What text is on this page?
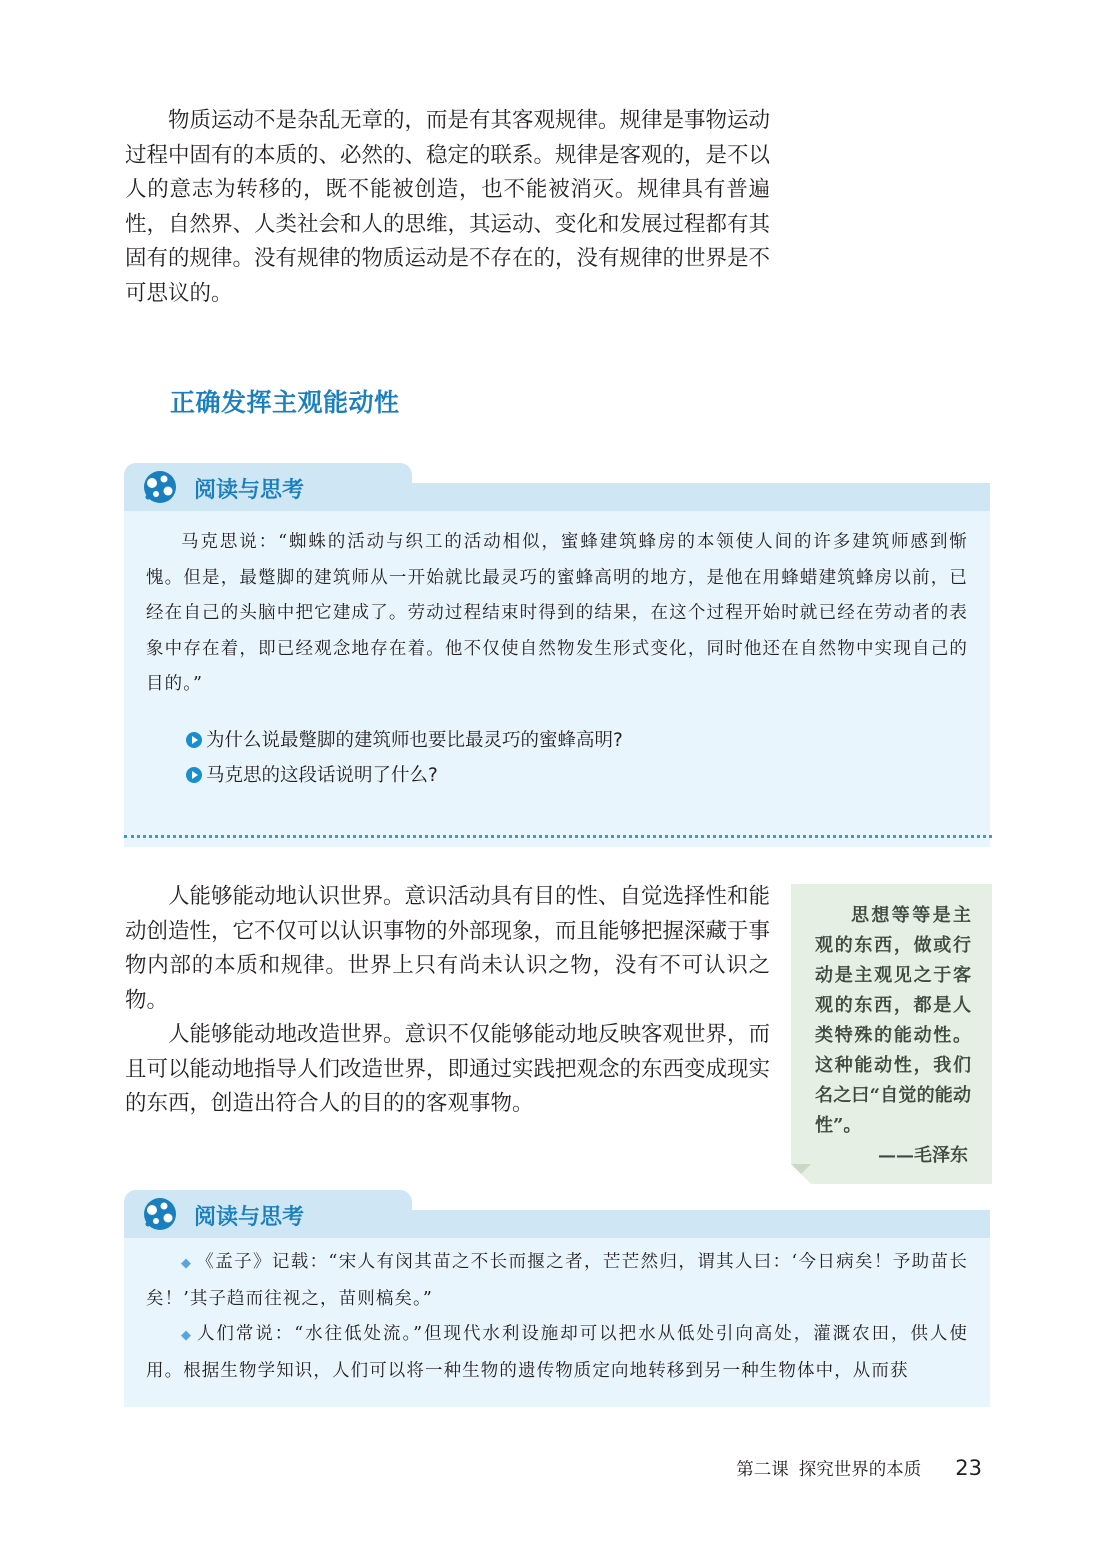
物质运动不是杂乱无章的，而是有其客观规律。规律是事物运动过程中固有的本质的、必然的、稳定的联系。规律是客观的，是不以人的意志为转移的，既不能被创造，也不能被消灭。规律具有普遍性，自然界、人类社会和人的思维，其运动、变化和发展过程都有其固有的规律。没有规律的物质运动是不存在的，没有规律的世界是不可思议的。

正确发挥主观能动性
阅读与思考

马克思说：“蜘蛛的活动与织工的活动相似，蜜蜂建筑蜂房的本领使人间的许多建筑师感到惭愧。但是，最蹩脚的建筑师从一开始就比最灵巧的蜜蜂高明的地方，是他在用蜂蜡建筑蜂房以前，已经在自己的头脑中把它建成了。劳动过程结束时得到的结果，在这个过程开始时就已经在劳动者的表象中存在着，即已经观念地存在着。他不仅使自然物发生形式变化，同时他还在自然物中实现自己的目的。”

为什么说最蹩脚的建筑师也要比最灵巧的蜜蜂高明?
马克思的这段话说明了什么?

人能够能动地认识世界。意识活动具有目的性、自觉选择性和能动创造性，它不仅可以认识事物的外部现象，而且能够把握深藏于事物内部的本质和规律。世界上只有尚未认识之物，没有不可认识之物。

人能够能动地改造世界。意识不仅能够能动地反映客观世界，而且可以能动地指导人们改造世界，即通过实践把观念的东西变成现实的东西，创造出符合人的目的的客观事物。

思想等等是主观的东西，做或行动是主观见之于客观的东西，都是人类特殊的能动性。这种能动性，我们名之曰“自觉的能动性”。

——毛泽东
阅读与思考

◆ 《孟子》记载：“宋人有闵其苗之不长而揠之者，芒芒然归，谓其人曰：‘今日病矣！予助苗长矣！’其子趋而往视之，苗则槁矣。”

◆ 人们常说：“水往低处流。”但现代水利设施却可以把水从低处引向高处，灌溉农田，供人使用。根据生物学知识，人们可以将一种生物的遗传物质定向地转移到另一种生物体中，从而获

第二课 探究世界的本质 23
